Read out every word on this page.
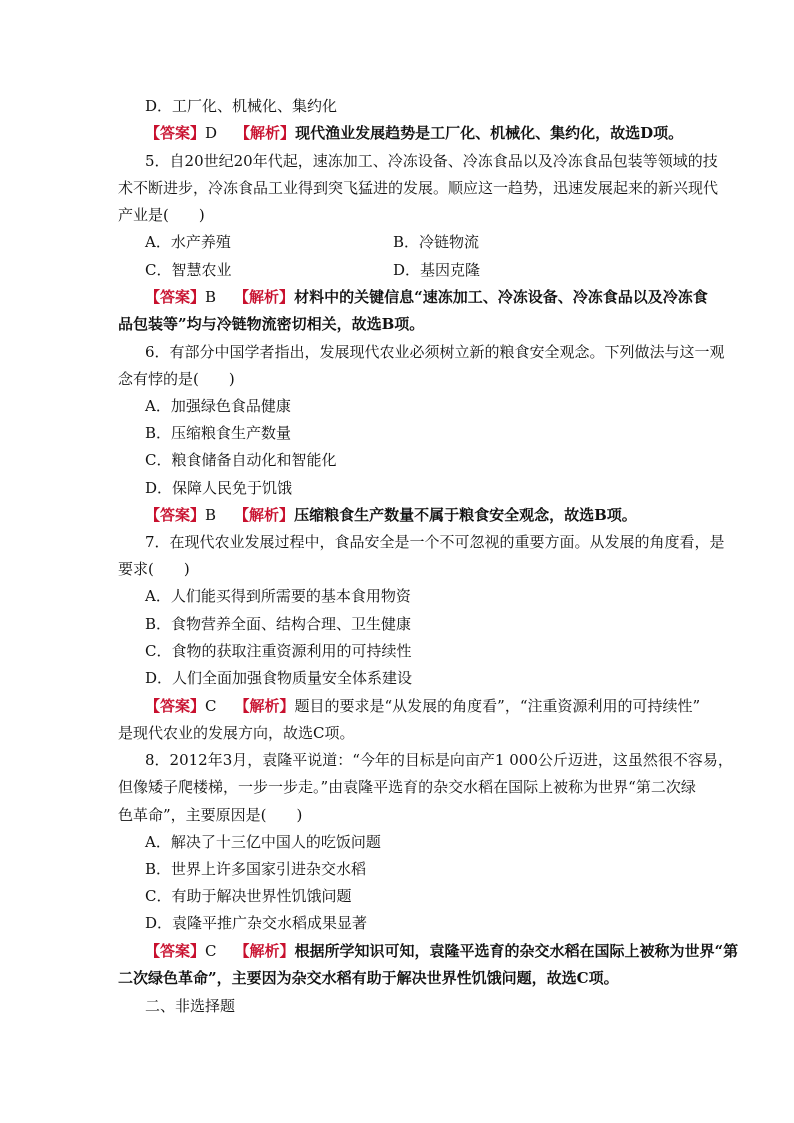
D．工厂化、机械化、集约化
【答案】D 【解析】现代渔业发展趋势是工厂化、机械化、集约化，故选D项。
5．自20世纪20年代起，速冻加工、冷冻设备、冷冻食品以及冷冻食品包装等领域的技
术不断进步，冷冻食品工业得到突飞猛进的发展。顺应这一趋势，迅速发展起来的新兴现代
产业是(　　)
A．水产养殖	B．冷链物流
C．智慧农业	D．基因克隆
【答案】B 【解析】材料中的关键信息“速冻加工、冷冻设备、冷冻食品以及冷冻食
品包装等”均与冷链物流密切相关，故选B项。
6．有部分中国学者指出，发展现代农业必须树立新的粮食安全观念。下列做法与这一观
念有悖的是(　　)
A．加强绿色食品健康
B．压缩粮食生产数量
C．粮食储备自动化和智能化
D．保障人民免于饥饿
【答案】B 【解析】压缩粮食生产数量不属于粮食安全观念，故选B项。
7．在现代农业发展过程中，食品安全是一个不可忽视的重要方面。从发展的角度看，是
要求(　　)
A．人们能买得到所需要的基本食用物资
B．食物营养全面、结构合理、卫生健康
C．食物的获取注重资源利用的可持续性
D．人们全面加强食物质量安全体系建设
【答案】C 【解析】题目的要求是“从发展的角度看”，“注重资源利用的可持续性”
是现代农业的发展方向，故选C项。
8．2012年3月，袁隆平说道：“今年的目标是向亩产1 000公斤迈进，这虽然很不容易，
但像矮子爬楼梯，一步一步走。”由袁隆平选育的杂交水稻在国际上被称为世界“第二次绿
色革命”，主要原因是(　　)
A．解决了十三亿中国人的吃饭问题
B．世界上许多国家引进杂交水稻
C．有助于解决世界性饥饿问题
D．袁隆平推广杂交水稻成果显著
【答案】C 【解析】根据所学知识可知，袁隆平选育的杂交水稻在国际上被称为世界“第
二次绿色革命”，主要因为杂交水稻有助于解决世界性饥饿问题，故选C项。
二、非选择题
